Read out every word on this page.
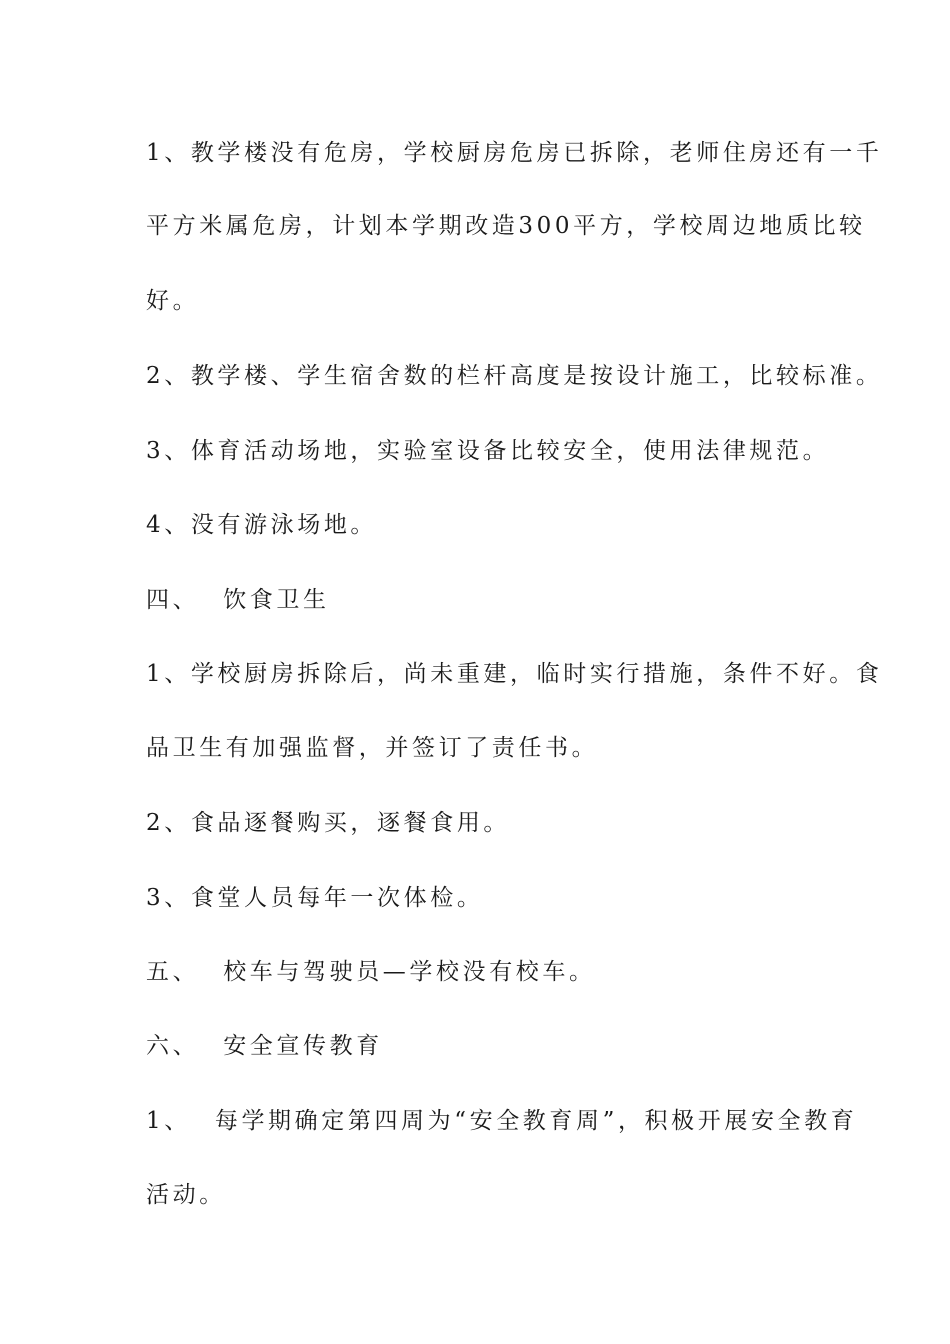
1、教学楼没有危房，学校厨房危房已拆除，老师住房还有一千
平方米属危房，计划本学期改造300平方，学校周边地质比较
好。
2、教学楼、学生宿舍数的栏杆高度是按设计施工，比较标准。
3、体育活动场地，实验室设备比较安全，使用法律规范。
4、没有游泳场地。
四、 饮食卫生
1、学校厨房拆除后，尚未重建，临时实行措施，条件不好。食
品卫生有加强监督，并签订了责任书。
2、食品逐餐购买，逐餐食用。
3、食堂人员每年一次体检。
五、 校车与驾驶员—学校没有校车。
六、 安全宣传教育
1、 每学期确定第四周为“安全教育周”，积极开展安全教育
活动。
